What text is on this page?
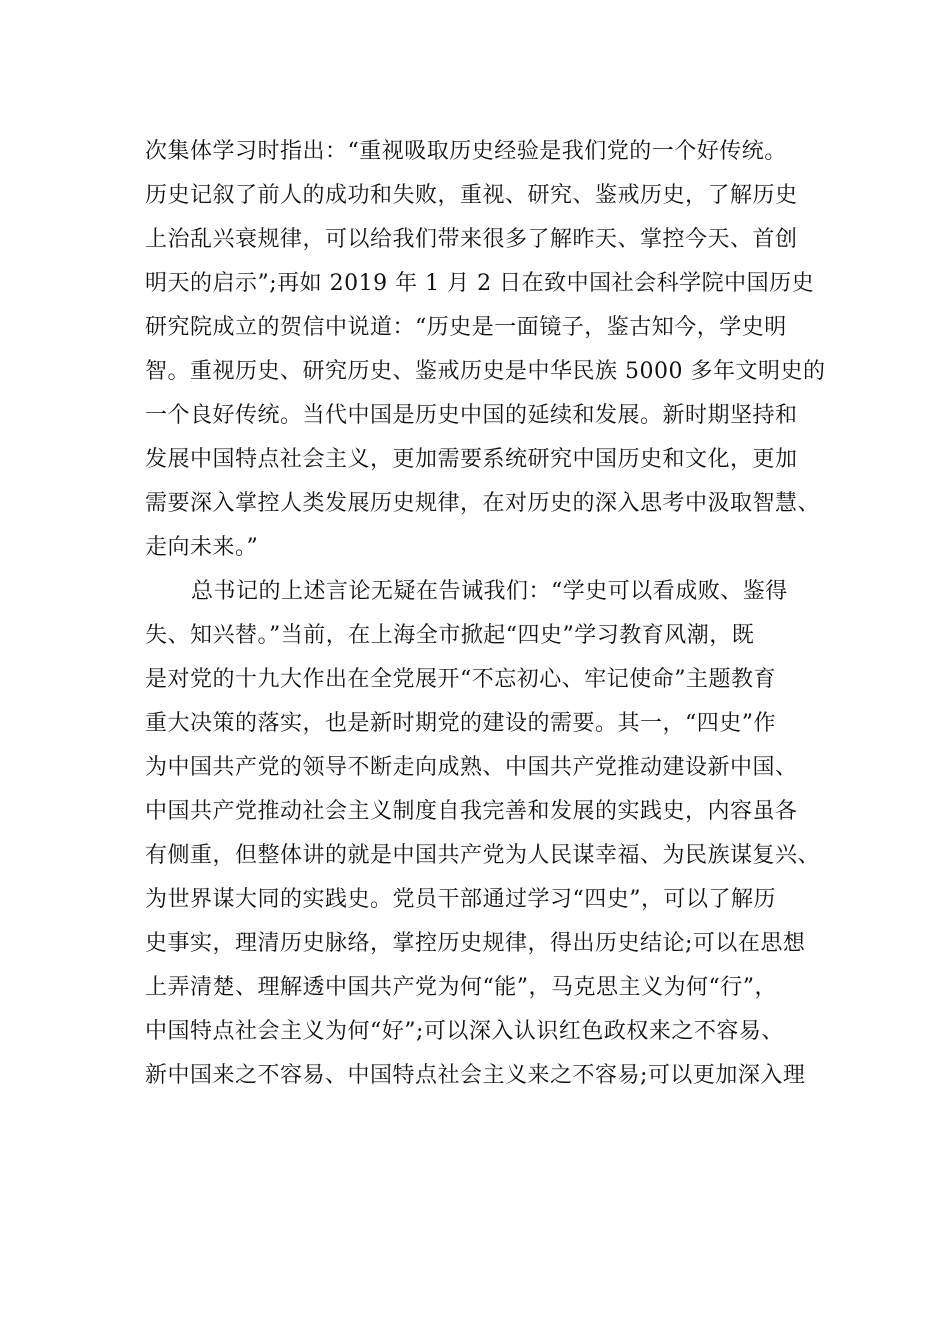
次集体学习时指出：“重视吸取历史经验是我们党的一个好传统。
历史记叙了前人的成功和失败，重视、研究、鉴戒历史，了解历史
上治乱兴衰规律，可以给我们带来很多了解昨天、掌控今天、首创
明天的启示”;再如 2019 年 1 月 2 日在致中国社会科学院中国历史
研究院成立的贺信中说道：“历史是一面镜子，鉴古知今，学史明
智。重视历史、研究历史、鉴戒历史是中华民族 5000 多年文明史的
一个良好传统。当代中国是历史中国的延续和发展。新时期坚持和
发展中国特点社会主义，更加需要系统研究中国历史和文化，更加
需要深入掌控人类发展历史规律，在对历史的深入思考中汲取智慧、
走向未来。”
总书记的上述言论无疑在告诫我们：“学史可以看成败、鉴得
失、知兴替。”当前，在上海全市掀起“四史”学习教育风潮，既
是对党的十九大作出在全党展开“不忘初心、牢记使命”主题教育
重大决策的落实，也是新时期党的建设的需要。其一，“四史”作
为中国共产党的领导不断走向成熟、中国共产党推动建设新中国、
中国共产党推动社会主义制度自我完善和发展的实践史，内容虽各
有侧重，但整体讲的就是中国共产党为人民谋幸福、为民族谋复兴、
为世界谋大同的实践史。党员干部通过学习“四史”，可以了解历
史事实，理清历史脉络，掌控历史规律，得出历史结论;可以在思想
上弄清楚、理解透中国共产党为何“能”，马克思主义为何“行”，
中国特点社会主义为何“好”;可以深入认识红色政权来之不容易、
新中国来之不容易、中国特点社会主义来之不容易;可以更加深入理
